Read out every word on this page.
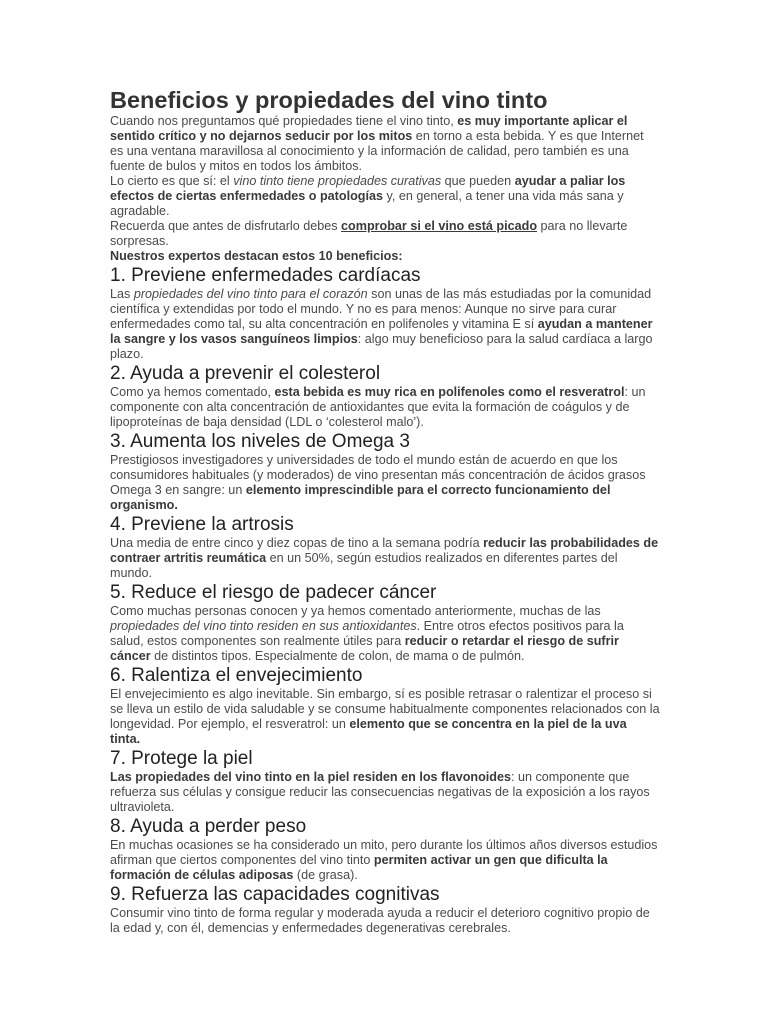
Beneficios y propiedades del vino tinto

Cuando nos preguntamos qué propiedades tiene el vino tinto, es muy importante aplicar el sentido crítico y no dejarnos seducir por los mitos en torno a esta bebida. Y es que Internet es una ventana maravillosa al conocimiento y la información de calidad, pero también es una fuente de bulos y mitos en todos los ámbitos.

Lo cierto es que sí: el vino tinto tiene propiedades curativas que pueden ayudar a paliar los efectos de ciertas enfermedades o patologías y, en general, a tener una vida más sana y agradable.

Recuerda que antes de disfrutarlo debes comprobar si el vino está picado para no llevarte sorpresas.

Nuestros expertos destacan estos 10 beneficios:

1. Previene enfermedades cardíacas

Las propiedades del vino tinto para el corazón son unas de las más estudiadas por la comunidad científica y extendidas por todo el mundo. Y no es para menos: Aunque no sirve para curar enfermedades como tal, su alta concentración en polifenoles y vitamina E sí ayudan a mantener la sangre y los vasos sanguíneos limpios: algo muy beneficioso para la salud cardíaca a largo plazo.

2. Ayuda a prevenir el colesterol

Como ya hemos comentado, esta bebida es muy rica en polifenoles como el resveratrol: un componente con alta concentración de antioxidantes que evita la formación de coágulos y de lipoproteínas de baja densidad (LDL o ‘colesterol malo’).

3. Aumenta los niveles de Omega 3

Prestigiosos investigadores y universidades de todo el mundo están de acuerdo en que los consumidores habituales (y moderados) de vino presentan más concentración de ácidos grasos Omega 3 en sangre: un elemento imprescindible para el correcto funcionamiento del organismo.

4. Previene la artrosis

Una media de entre cinco y diez copas de tino a la semana podría reducir las probabilidades de contraer artritis reumática en un 50%, según estudios realizados en diferentes partes del mundo.

5. Reduce el riesgo de padecer cáncer

Como muchas personas conocen y ya hemos comentado anteriormente, muchas de las propiedades del vino tinto residen en sus antioxidantes. Entre otros efectos positivos para la salud, estos componentes son realmente útiles para reducir o retardar el riesgo de sufrir cáncer de distintos tipos. Especialmente de colon, de mama o de pulmón.

6. Ralentiza el envejecimiento

El envejecimiento es algo inevitable. Sin embargo, sí es posible retrasar o ralentizar el proceso si se lleva un estilo de vida saludable y se consume habitualmente componentes relacionados con la longevidad. Por ejemplo, el resveratrol: un elemento que se concentra en la piel de la uva tinta.

7. Protege la piel

Las propiedades del vino tinto en la piel residen en los flavonoides: un componente que refuerza sus células y consigue reducir las consecuencias negativas de la exposición a los rayos ultravioleta.

8. Ayuda a perder peso

En muchas ocasiones se ha considerado un mito, pero durante los últimos años diversos estudios afirman que ciertos componentes del vino tinto permiten activar un gen que dificulta la formación de células adiposas (de grasa).

9. Refuerza las capacidades cognitivas

Consumir vino tinto de forma regular y moderada ayuda a reducir el deterioro cognitivo propio de la edad y, con él, demencias y enfermedades degenerativas cerebrales.
